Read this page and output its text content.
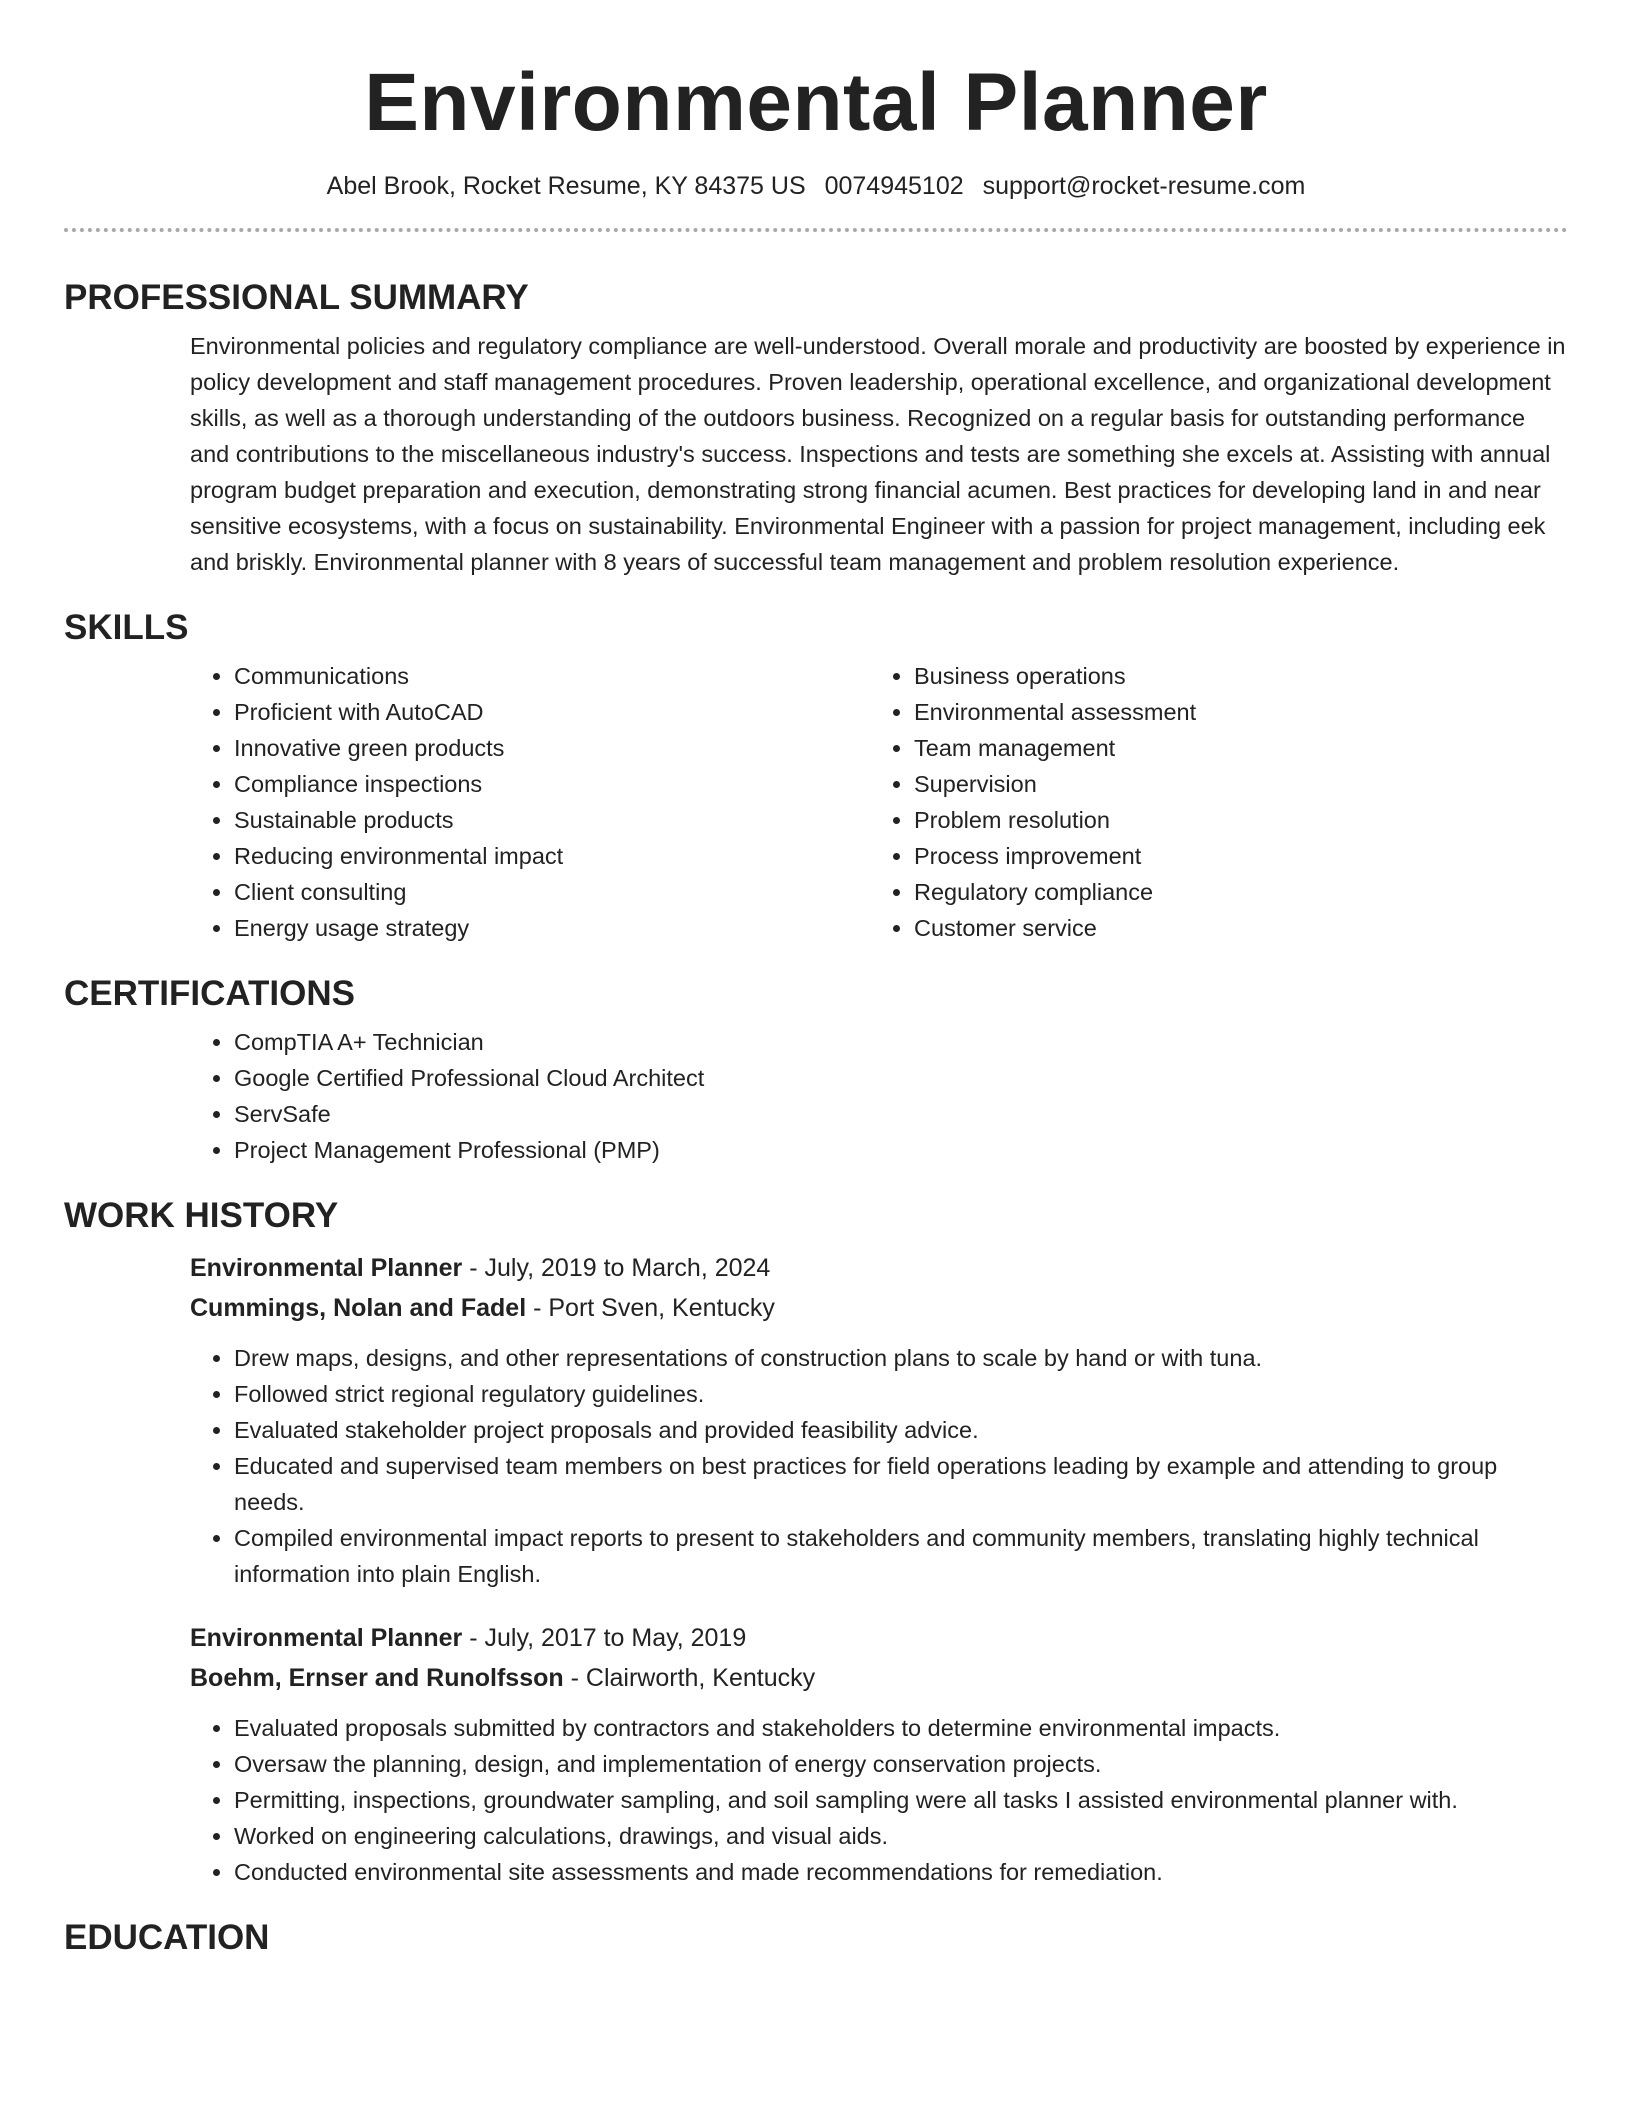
Environmental Planner
Abel Brook, Rocket Resume, KY 84375 US 0074945102 support@rocket-resume.com
PROFESSIONAL SUMMARY

Environmental policies and regulatory compliance are well-understood. Overall morale and productivity are boosted by experience in policy development and staff management procedures. Proven leadership, operational excellence, and organizational development skills, as well as a thorough understanding of the outdoors business. Recognized on a regular basis for outstanding performance and contributions to the miscellaneous industry's success. Inspections and tests are something she excels at. Assisting with annual program budget preparation and execution, demonstrating strong financial acumen. Best practices for developing land in and near sensitive ecosystems, with a focus on sustainability. Environmental Engineer with a passion for project management, including eek and briskly. Environmental planner with 8 years of successful team management and problem resolution experience.

SKILLS
• Communications
• Proficient with AutoCAD
• Innovative green products
• Compliance inspections
• Sustainable products
• Reducing environmental impact
• Client consulting
• Energy usage strategy
• Business operations
• Environmental assessment
• Team management
• Supervision
• Problem resolution
• Process improvement
• Regulatory compliance
• Customer service
CERTIFICATIONS
• CompTIA A+ Technician
• Google Certified Professional Cloud Architect
• ServSafe
• Project Management Professional (PMP)
WORK HISTORY
Environmental Planner - July, 2019 to March, 2024
Cummings, Nolan and Fadel - Port Sven, Kentucky
• Drew maps, designs, and other representations of construction plans to scale by hand or with tuna.
• Followed strict regional regulatory guidelines.
• Evaluated stakeholder project proposals and provided feasibility advice.
• Educated and supervised team members on best practices for field operations leading by example and attending to group needs.
• Compiled environmental impact reports to present to stakeholders and community members, translating highly technical information into plain English.
Environmental Planner - July, 2017 to May, 2019
Boehm, Ernser and Runolfsson - Clairworth, Kentucky
• Evaluated proposals submitted by contractors and stakeholders to determine environmental impacts.
• Oversaw the planning, design, and implementation of energy conservation projects.
• Permitting, inspections, groundwater sampling, and soil sampling were all tasks I assisted environmental planner with.
• Worked on engineering calculations, drawings, and visual aids.
• Conducted environmental site assessments and made recommendations for remediation.
EDUCATION
